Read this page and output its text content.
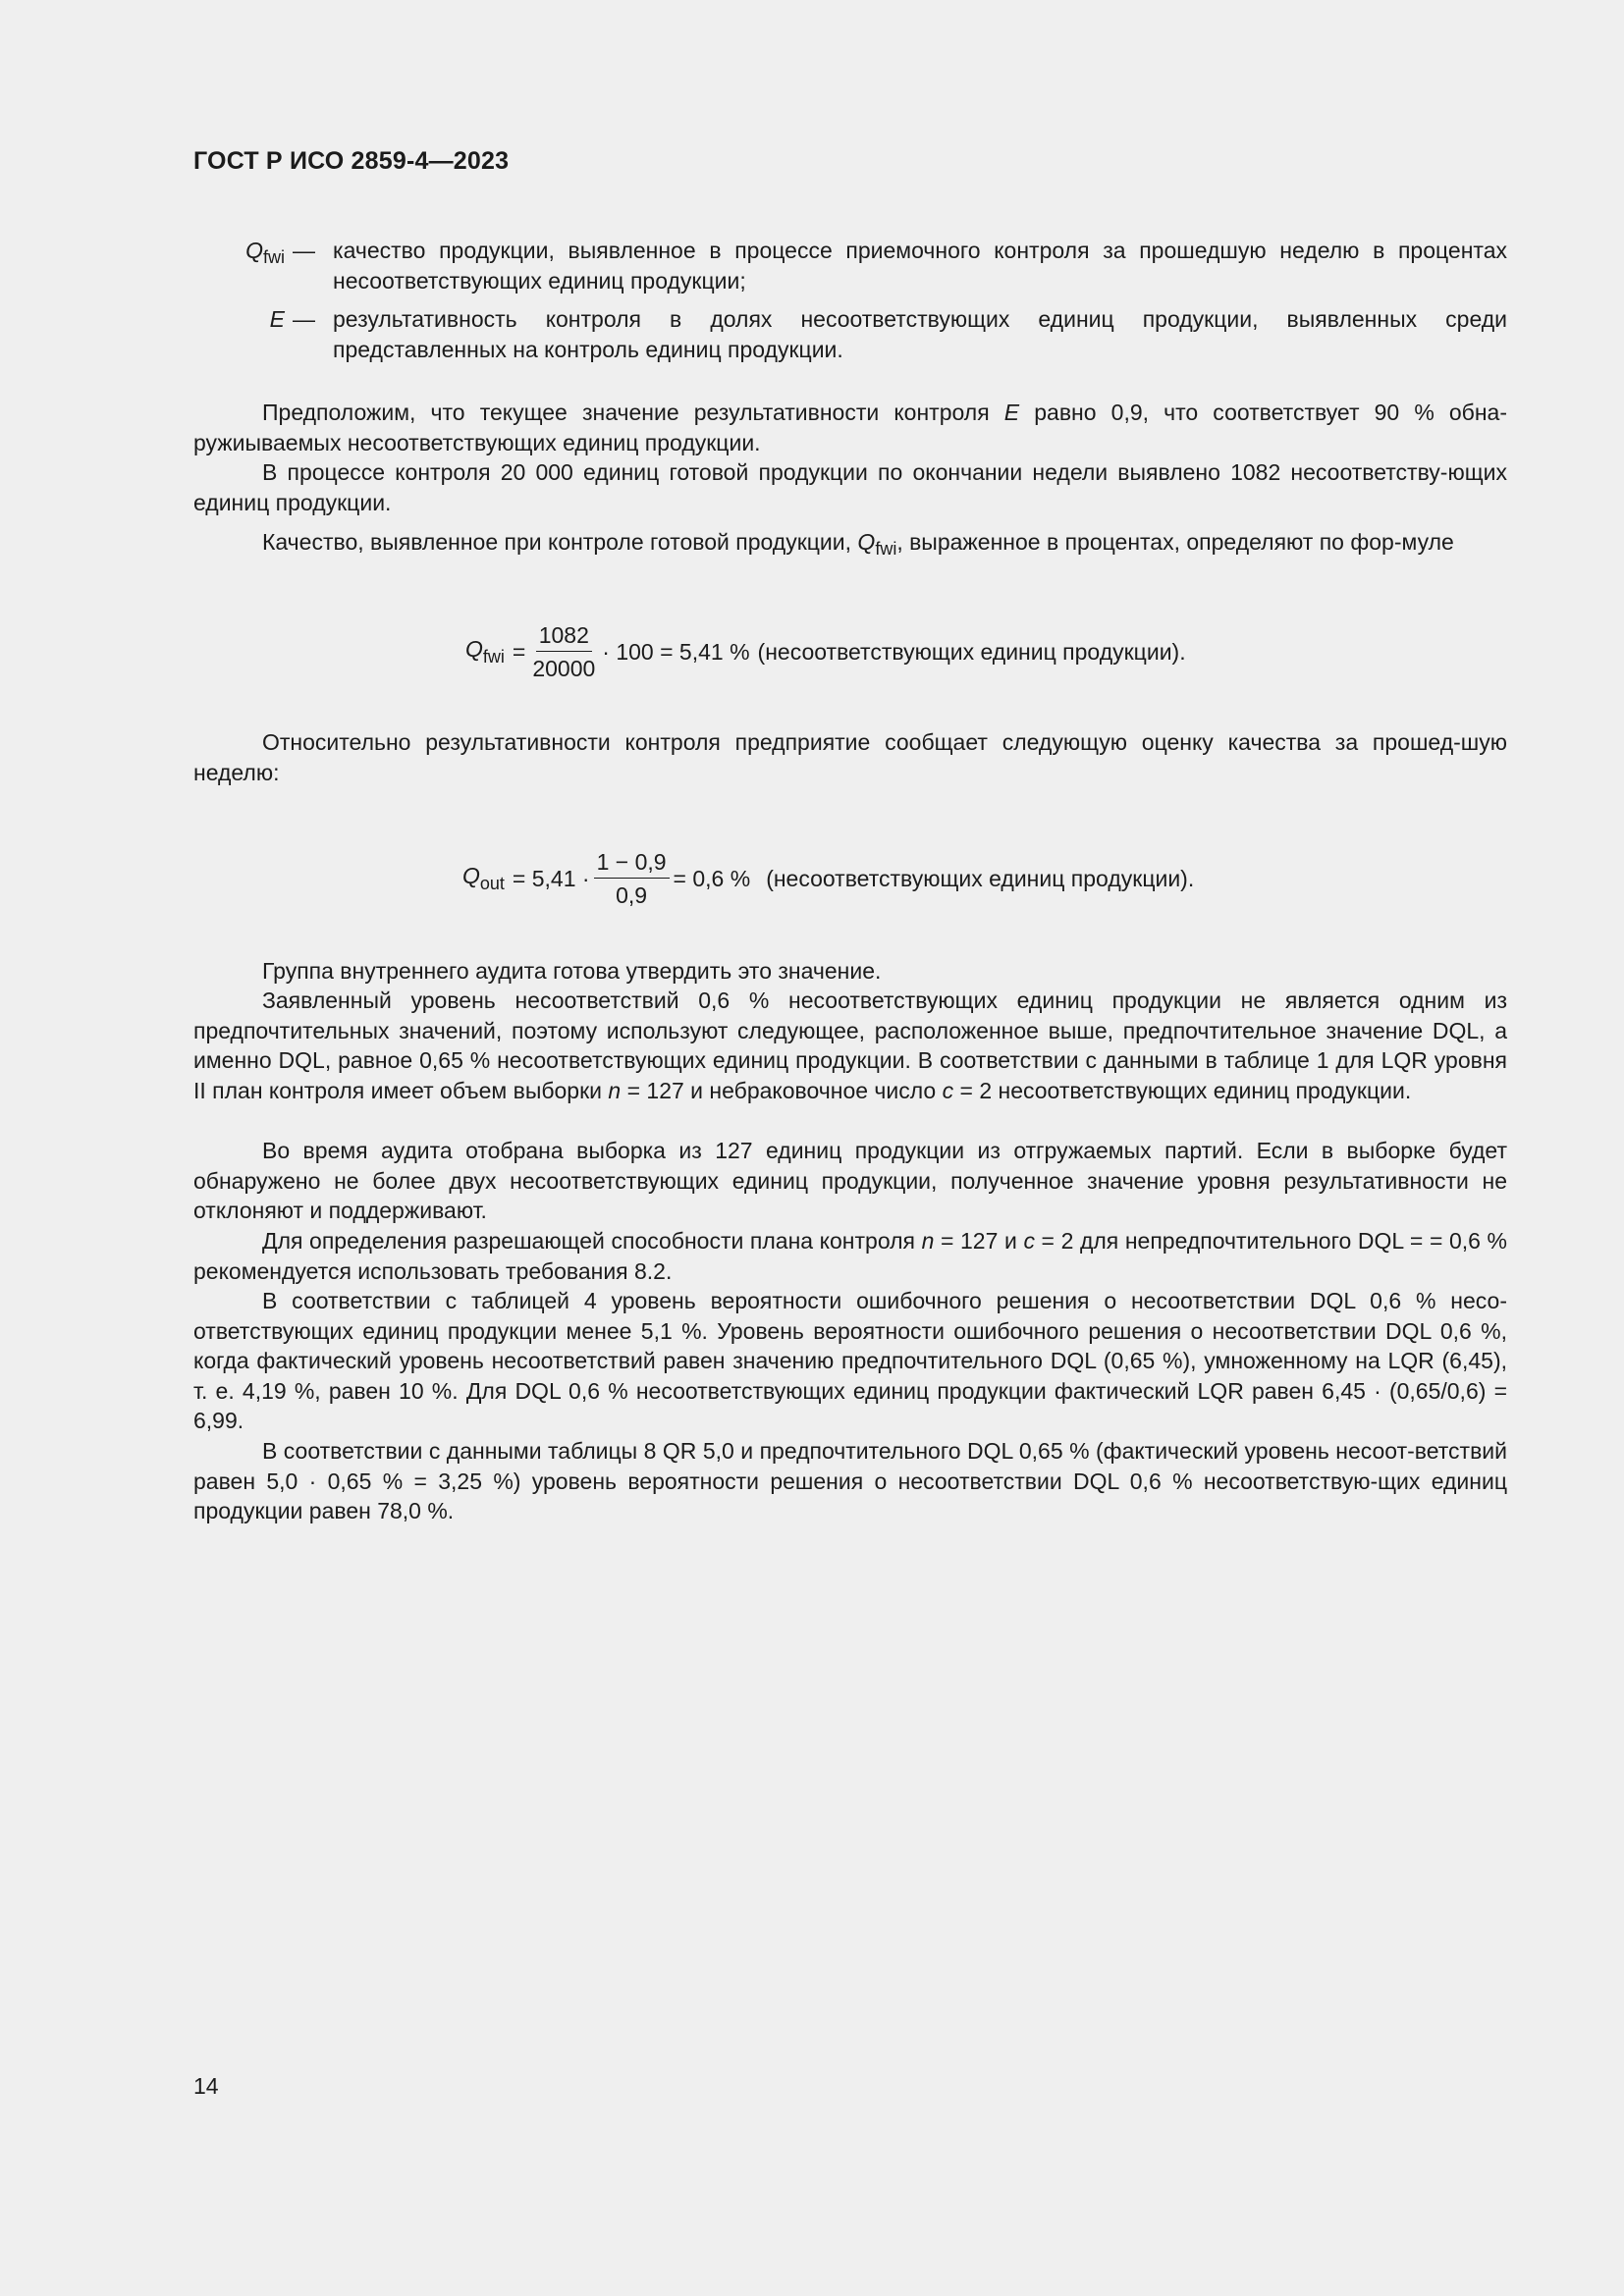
ГОСТ Р ИСО 2859-4—2023
$Q_{fwi}$ — качество продукции, выявленное в процессе приемочного контроля за прошедшую неделю в процентах несоответствующих единиц продукции;
E — результативность контроля в долях несоответствующих единиц продукции, выявленных среди представленных на контроль единиц продукции.

Предположим, что текущее значение результативности контроля E равно 0,9, что соответствует 90 % обна-ружиываемых несоответствующих единиц продукции.

В процессе контроля 20 000 единиц готовой продукции по окончании недели выявлено 1082 несоответству-ющих единиц продукции.

Качество, выявленное при контроле готовой продукции, $Q_{fwi}$, выраженное в процентах, определяют по фор-муле

$Q_{fwi} = \frac{1082}{20000} \cdot 100 = 5,41$ % (несоответствующих единиц продукции).

Относительно результативности контроля предприятие сообщает следующую оценку качества за прошед-шую неделю:

$Q_{out} = 5,41 \cdot \frac{1 - 0,9}{0,9} = 0,6$ % (несоответствующих единиц продукции).

Группа внутреннего аудита готова утвердить это значение.

Заявленный уровень несоответствий 0,6 % несоответствующих единиц продукции не является одним из предпочтительных значений, поэтому используют следующее, расположенное выше, предпочтительное значение DQL, а именно DQL, равное 0,65 % несоответствующих единиц продукции. В соответствии с данными в таблице 1 для LQR уровня II план контроля имеет объем выборки n = 127 и небраковочное число c = 2 несоответствующих единиц продукции.

Во время аудита отобрана выборка из 127 единиц продукции из отгружаемых партий. Если в выборке будет обнаружено не более двух несоответствующих единиц продукции, полученное значение уровня результативности не отклоняют и поддерживают.

Для определения разрешающей способности плана контроля n = 127 и c = 2 для непредпочтительного DQL = = 0,6 % рекомендуется использовать требования 8.2.

В соответствии с таблицей 4 уровень вероятности ошибочного решения о несоответствии DQL 0,6 % несо-ответствующих единиц продукции менее 5,1 %. Уровень вероятности ошибочного решения о несоответствии DQL 0,6 %, когда фактический уровень несоответствий равен значению предпочтительного DQL (0,65 %), умноженному на LQR (6,45), т. е. 4,19 %, равен 10 %. Для DQL 0,6 % несоответствующих единиц продукции фактический LQR равен 6,45 · (0,65/0,6) = 6,99.

В соответствии с данными таблицы 8 QR 5,0 и предпочтительного DQL 0,65 % (фактический уровень несоот-ветствий равен 5,0 · 0,65 % = 3,25 %) уровень вероятности решения о несоответствии DQL 0,6 % несоответствую-щих единиц продукции равен 78,0 %.

14
